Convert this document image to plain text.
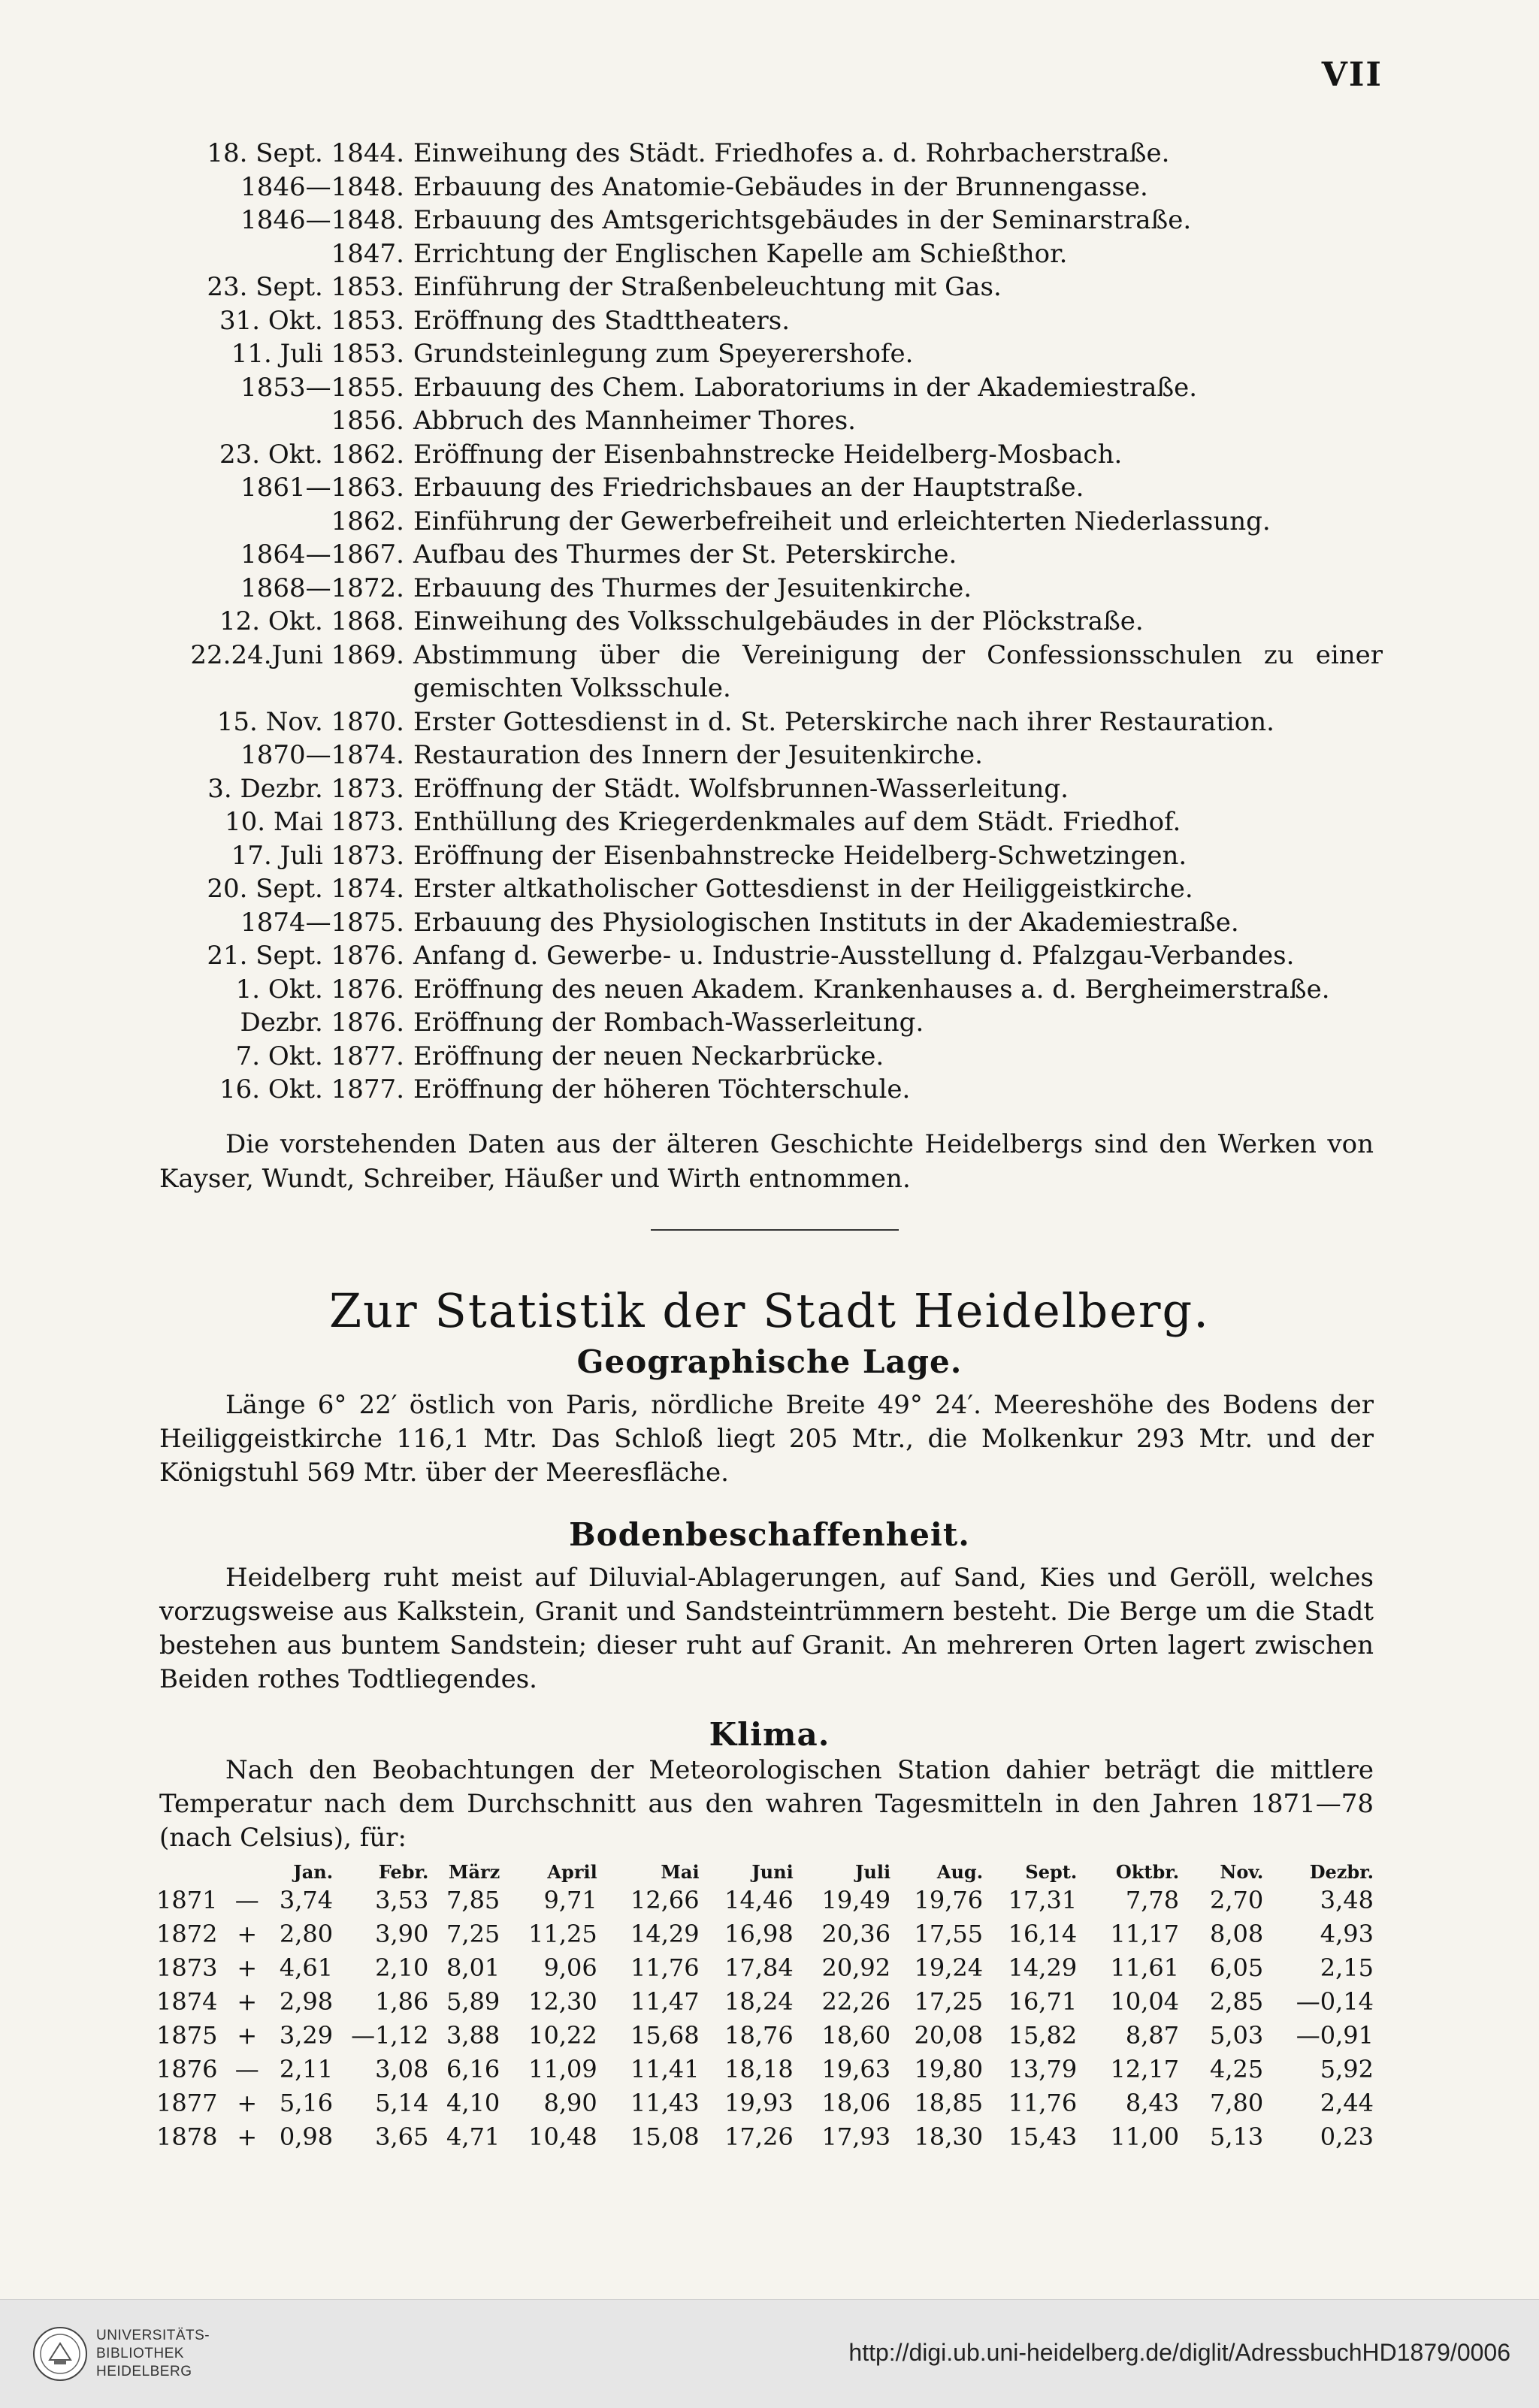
VII
18. Sept. 1844. Einweihung des Städt. Friedhofes a. d. Rohrbacherstraße.
1846—1848. Erbauung des Anatomie-Gebäudes in der Brunnengasse.
1846—1848. Erbauung des Amtsgerichtsgebäudes in der Seminarstraße.
1847. Errichtung der Englischen Kapelle am Schießthor.
23. Sept. 1853. Einführung der Straßenbeleuchtung mit Gas.
31. Okt. 1853. Eröffnung des Stadttheaters.
11. Juli 1853. Grundsteinlegung zum Speyerershofe.
1853—1855. Erbauung des Chem. Laboratoriums in der Akademiestraße.
1856. Abbruch des Mannheimer Thores.
23. Okt. 1862. Eröffnung der Eisenbahnstrecke Heidelberg-Mosbach.
1861—1863. Erbauung des Friedrichsbaues an der Hauptstraße.
1862. Einführung der Gewerbefreiheit und erleichterten Niederlassung.
1864—1867. Aufbau des Thurmes der St. Peterskirche.
1868—1872. Erbauung des Thurmes der Jesuitenkirche.
12. Okt. 1868. Einweihung des Volksschulgebäudes in der Plöckstraße.
22.24.Juni 1869. Abstimmung über die Vereinigung der Confessionsschulen zu einer gemischten Volksschule.
15. Nov. 1870. Erster Gottesdienst in d. St. Peterskirche nach ihrer Restauration.
1870—1874. Restauration des Innern der Jesuitenkirche.
3. Dezbr. 1873. Eröffnung der Städt. Wolfsbrunnen-Wasserleitung.
10. Mai 1873. Enthüllung des Kriegerdenkmales auf dem Städt. Friedhof.
17. Juli 1873. Eröffnung der Eisenbahnstrecke Heidelberg-Schwetzingen.
20. Sept. 1874. Erster altkatholischer Gottesdienst in der Heiliggeistkirche.
1874—1875. Erbauung des Physiologischen Instituts in der Akademiestraße.
21. Sept. 1876. Anfang d. Gewerbe- u. Industrie-Ausstellung d. Pfalzgau-Verbandes.
1. Okt. 1876. Eröffnung des neuen Akadem. Krankenhauses a. d. Bergheimerstraße.
Dezbr. 1876. Eröffnung der Rombach-Wasserleitung.
7. Okt. 1877. Eröffnung der neuen Neckarbrücke.
16. Okt. 1877. Eröffnung der höheren Töchterschule.
Die vorstehenden Daten aus der älteren Geschichte Heidelbergs sind den Werken von Kayser, Wundt, Schreiber, Häußer und Wirth entnommen.
Zur Statistik der Stadt Heidelberg.
Geographische Lage.
Länge 6° 22′ östlich von Paris, nördliche Breite 49° 24′. Meereshöhe des Bodens der Heiliggeistkirche 116,1 Mtr. Das Schloß liegt 205 Mtr., die Molkenkur 293 Mtr. und der Königstuhl 569 Mtr. über der Meeresfläche.
Bodenbeschaffenheit.
Heidelberg ruht meist auf Diluvial-Ablagerungen, auf Sand, Kies und Geröll, welches vorzugsweise aus Kalkstein, Granit und Sandsteintrümmern besteht. Die Berge um die Stadt bestehen aus buntem Sandstein; dieser ruht auf Granit. An mehreren Orten lagert zwischen Beiden rothes Todtliegendes.
Klima.
Nach den Beobachtungen der Meteorologischen Station dahier beträgt die mittlere Temperatur nach dem Durchschnitt aus den wahren Tagesmitteln in den Jahren 1871—78 (nach Celsius), für:
		Jan.	Febr.	März	April	Mai	Juni	Juli	Aug.	Sept.	Oktbr.	Nov.	Dezbr.
1871	—	3,74	3,53	7,85	9,71	12,66	14,46	19,49	19,76	17,31	7,78	2,70	3,48
1872	+	2,80	3,90	7,25	11,25	14,29	16,98	20,36	17,55	16,14	11,17	8,08	4,93
1873	+	4,61	2,10	8,01	9,06	11,76	17,84	20,92	19,24	14,29	11,61	6,05	2,15
1874	+	2,98	1,86	5,89	12,30	11,47	18,24	22,26	17,25	16,71	10,04	2,85	—0,14
1875	+	3,29	—1,12	3,88	10,22	15,68	18,76	18,60	20,08	15,82	8,87	5,03	—0,91
1876	—	2,11	3,08	6,16	11,09	11,41	18,18	19,63	19,80	13,79	12,17	4,25	5,92
1877	+	5,16	5,14	4,10	8,90	11,43	19,93	18,06	18,85	11,76	8,43	7,80	2,44
1878	+	0,98	3,65	4,71	10,48	15,08	17,26	17,93	18,30	15,43	11,00	5,13	0,23
UNIVERSITÄTS-
BIBLIOTHEK
HEIDELBERG
http://digi.ub.uni-heidelberg.de/diglit/AdressbuchHD1879/0006
